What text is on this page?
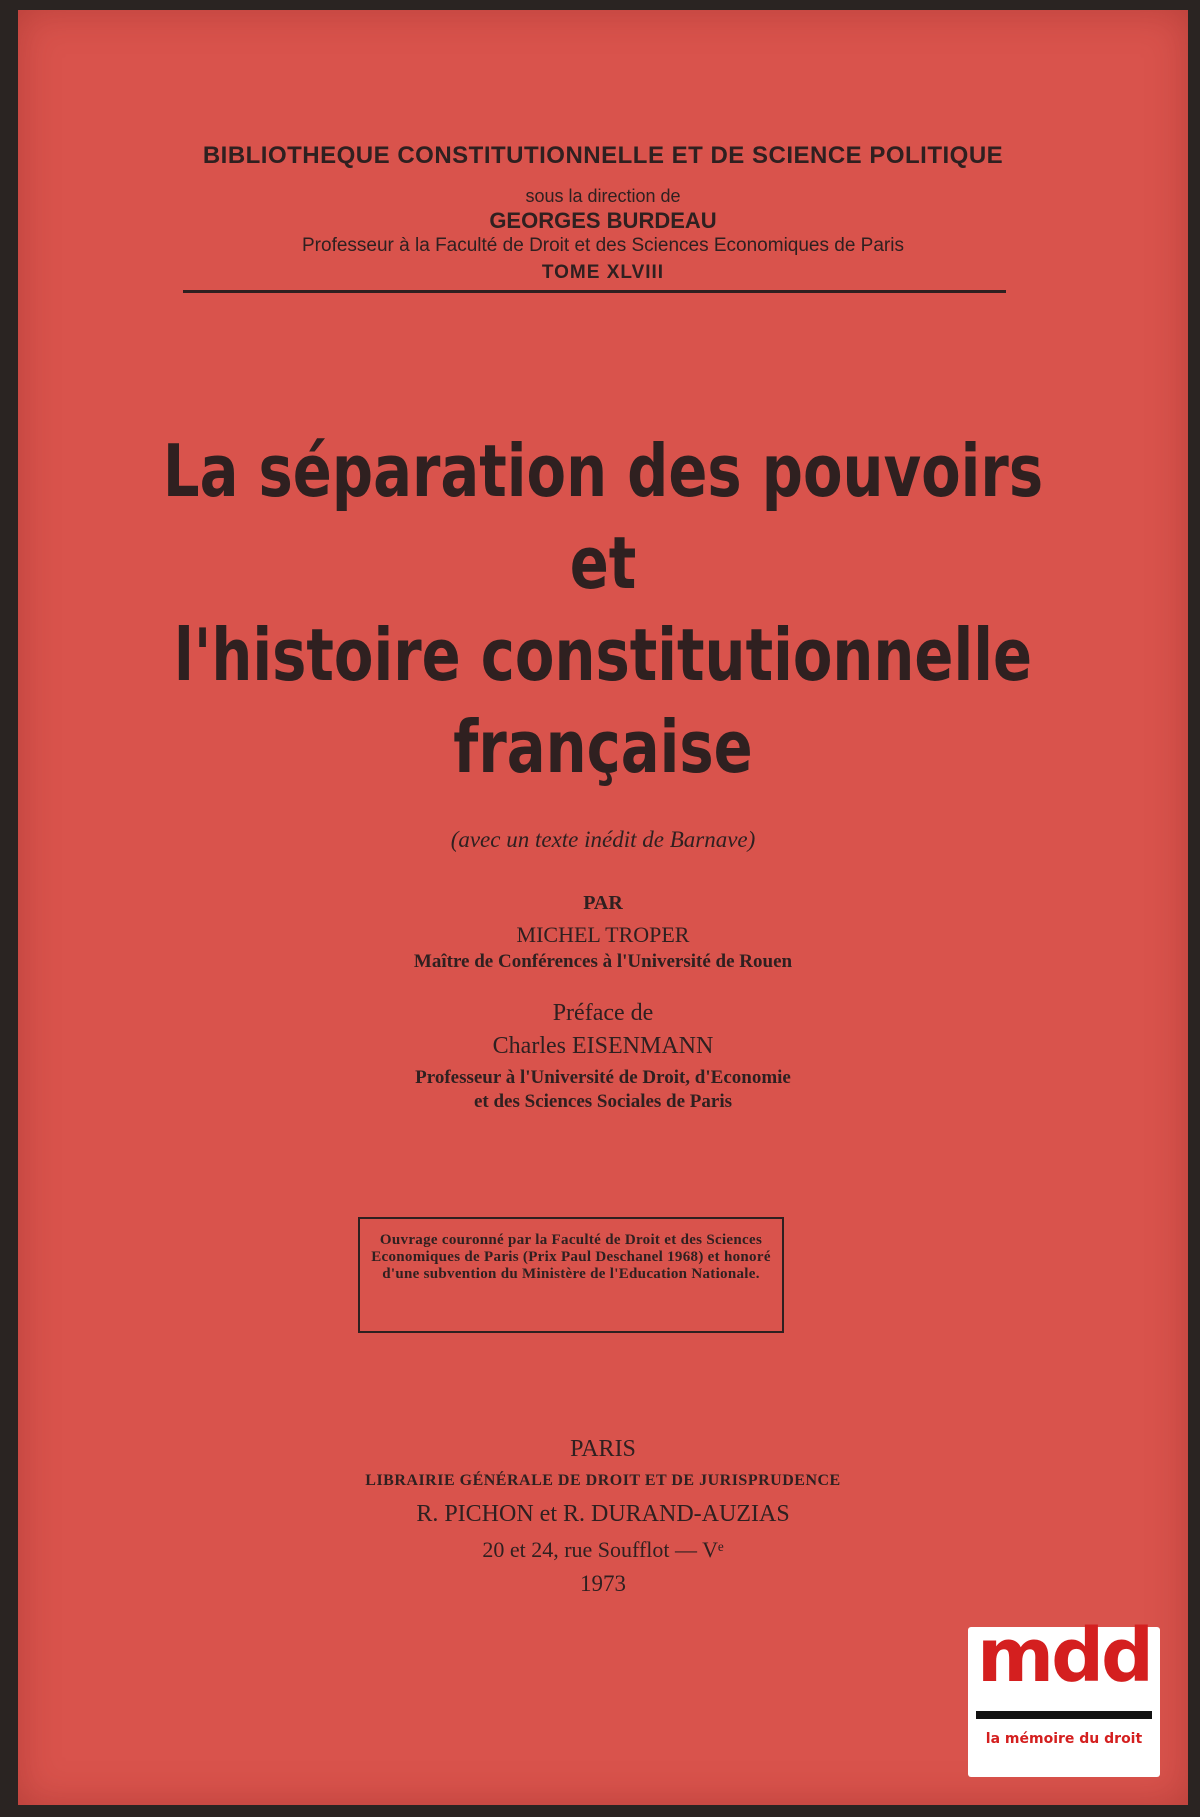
BIBLIOTHEQUE CONSTITUTIONNELLE ET DE SCIENCE POLITIQUE
sous la direction de
GEORGES BURDEAU
Professeur à la Faculté de Droit et des Sciences Economiques de Paris
TOME XLVIII
La séparation des pouvoirs
et
l'histoire constitutionnelle
française
(avec un texte inédit de Barnave)
PAR
MICHEL TROPER
Maître de Conférences à l'Université de Rouen
Préface de
Charles EISENMANN
Professeur à l'Université de Droit, d'Economie
et des Sciences Sociales de Paris
Ouvrage couronné par la Faculté de Droit et des Sciences Economiques de Paris (Prix Paul Deschanel 1968) et honoré d'une subvention du Ministère de l'Education Nationale.
PARIS
LIBRAIRIE GÉNÉRALE DE DROIT ET DE JURISPRUDENCE
R. PICHON et R. DURAND-AUZIAS
20 et 24, rue Soufflot — Vᵉ
1973
mdd
la mémoire du droit
